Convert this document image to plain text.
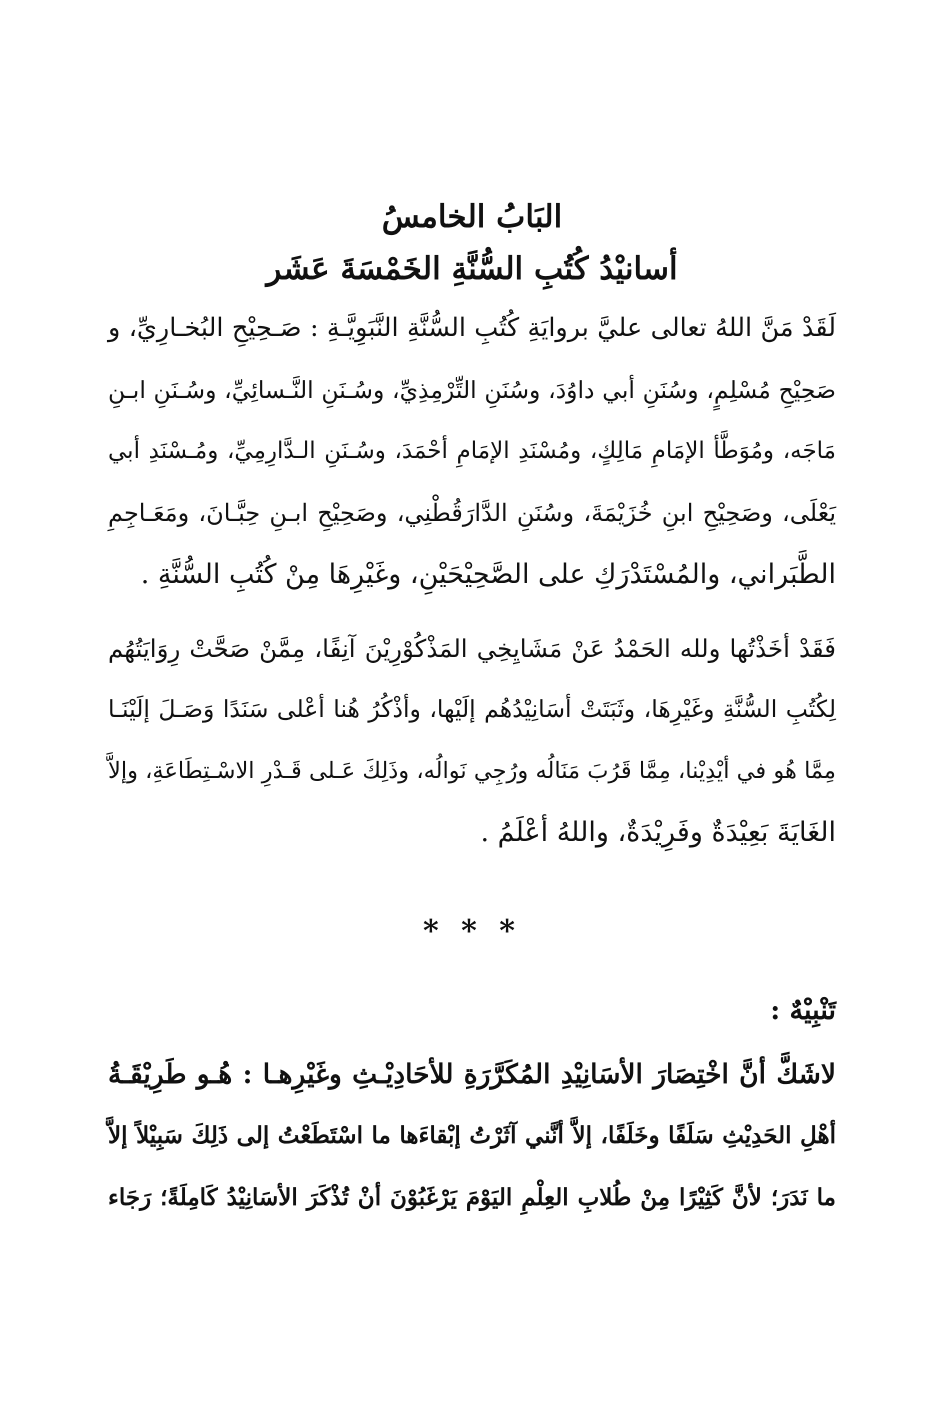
البَابُ الخامسُ
أسانيْدُ كُتُبِ السُّنَّةِ الخَمْسَةَ عَشَر

لَقَدْ مَنَّ اللهُ تعالى عليَّ بروايَةِ كُتُبِ السُّنَّةِ النَّبَوِيَّـةِ : صَـحِيْحِ البُخـارِيِّ، و
صَحِيْحِ مُسْلِمٍ، وسُنَنِ أبي داوُدَ، وسُنَنِ التِّرْمِذِيِّ، وسُـنَنِ النَّـسائِيِّ، وسُـنَنِ ابـنِ
مَاجَه، ومُوَطَّأ الإمَامِ مَالِكٍ، ومُسْنَدِ الإمَامِ أحْمَدَ، وسُـنَنِ الـدَّارِمِيِّ، ومُـسْنَدِ أبي
يَعْلَى، وصَحِيْحِ ابنِ خُزَيْمَةَ، وسُنَنِ الدَّارَقُطْنِي، وصَحِيْحِ ابـنِ حِبَّـانَ، ومَعَـاجِمِ
الطَّبَراني، والمُسْتَدْرَكِ على الصَّحِيْحَيْنِ، وغَيْرِهَا مِنْ كُتُبِ السُّنَّةِ .

فَقَدْ أخَذْتُها ولله الحَمْدُ عَنْ مَشَايِخِي المَذْكُوْرِيْنَ آنِفًا، مِمَّنْ صَحَّتْ رِوَايَتُهُم
لِكُتُبِ السُّنَّةِ وغَيْرِهَا، وثَبَتَتْ أسَانِيْدُهُم إلَيْها، وأذْكُرُ هُنا أعْلى سَنَدًا وَصَـلَ إلَيْنَـا
مِمَّا هُو في أيْدِيْنا، مِمَّا قَرُبَ مَنَالُه ورُجِي نَوالُه، وذَلِكَ عَـلى قَـدْرِ الاسْـتِطَاعَةِ، وإلاَّ
الغَايَةَ بَعِيْدَةٌ وفَرِيْدَةٌ، واللهُ أعْلَمُ .

* * *
تَنْبِيْهٌ :

لاشَكَّ أنَّ اخْتِصَارَ الأسَانِيْدِ المُكَرَّرَةِ للأحَادِيْـثِ وغَيْرِهـا : هُـو طَرِيْقَـةُ
أهْلِ الحَدِيْثِ سَلَفًا وخَلَفًا، إلاَّ أنَّني آثَرْتُ إبْقاءَها ما اسْتَطَعْتُ إلى ذَلِكَ سَبِيْلاً إلاَّ
ما نَدَرَ؛ لأنَّ كَثِيْرًا مِنْ طُلابِ العِلْمِ اليَوْمَ يَرْغَبُوْنَ أنْ تُذْكَرَ الأسَانِيْدُ كَامِلَةً؛ رَجَاء
